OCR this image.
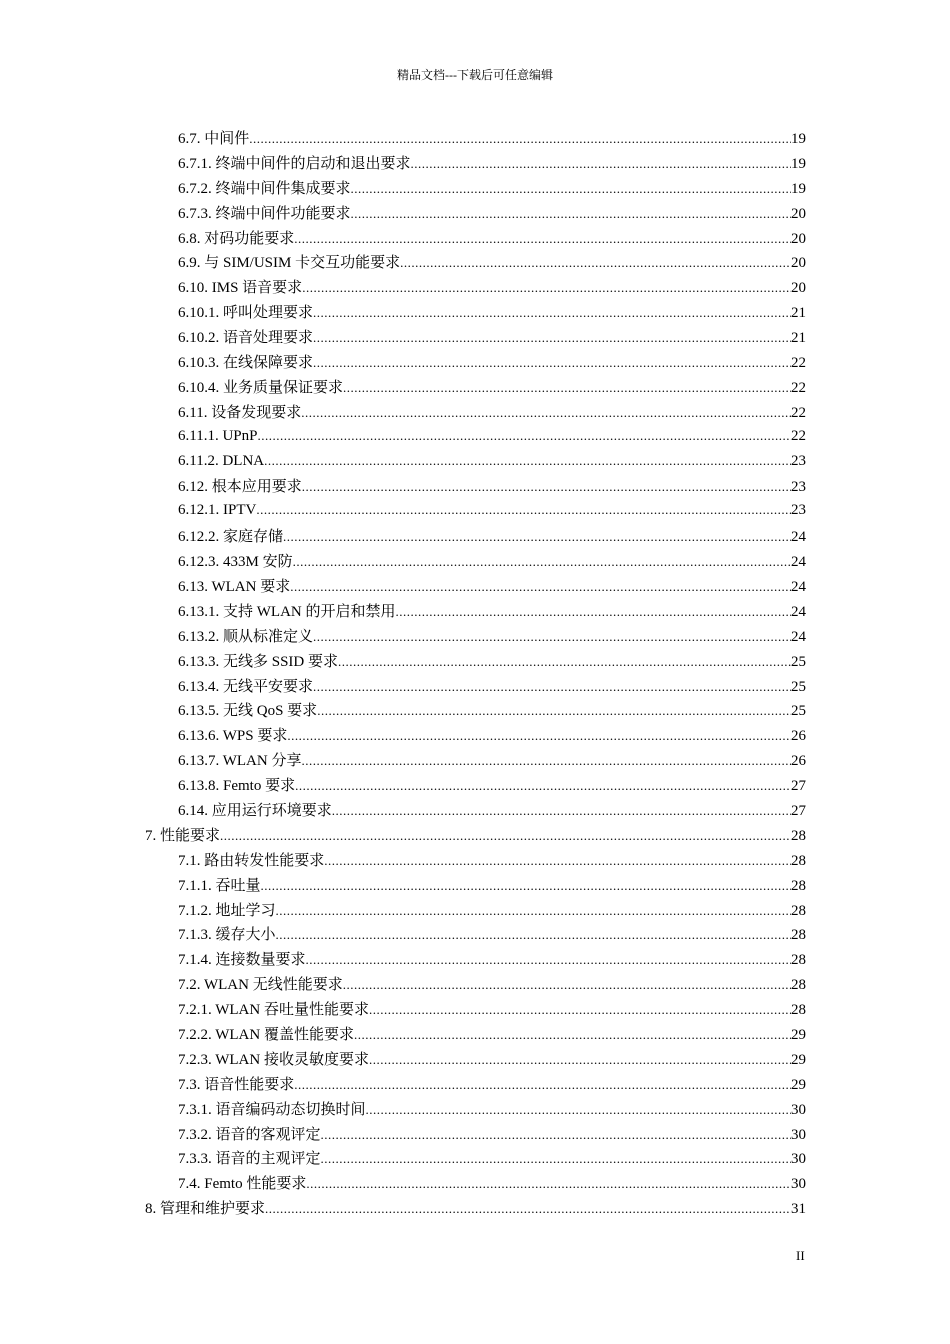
精品文档---下载后可任意编辑
6.7. 中间件 .....	19
6.7.1. 终端中间件的启动和退出要求 .....	19
6.7.2. 终端中间件集成要求 .....	19
6.7.3. 终端中间件功能要求 .....	20
6.8. 对码功能要求 .....	20
6.9. 与 SIM/USIM 卡交互功能要求 .....	20
6.10. IMS 语音要求 .....	20
6.10.1. 呼叫处理要求 .....	21
6.10.2. 语音处理要求 .....	21
6.10.3. 在线保障要求 .....	22
6.10.4. 业务质量保证要求 .....	22
6.11. 设备发现要求 .....	22
6.11.1. UPnP .....	22
6.11.2. DLNA .....	23
6.12. 根本应用要求 .....	23
6.12.1. IPTV .....	23
6.12.2. 家庭存储 .....	24
6.12.3. 433M 安防 .....	24
6.13. WLAN 要求 .....	24
6.13.1. 支持 WLAN 的开启和禁用 .....	24
6.13.2. 顺从标准定义 .....	24
6.13.3. 无线多 SSID 要求 .....	25
6.13.4. 无线平安要求 .....	25
6.13.5. 无线 QoS 要求 .....	25
6.13.6. WPS 要求 .....	26
6.13.7. WLAN 分享 .....	26
6.13.8. Femto 要求 .....	27
6.14. 应用运行环境要求 .....	27
7. 性能要求 .....	28
7.1. 路由转发性能要求 .....	28
7.1.1. 吞吐量 .....	28
7.1.2. 地址学习 .....	28
7.1.3. 缓存大小 .....	28
7.1.4. 连接数量要求 .....	28
7.2. WLAN 无线性能要求 .....	28
7.2.1. WLAN 吞吐量性能要求 .....	28
7.2.2. WLAN 覆盖性能要求 .....	29
7.2.3. WLAN 接收灵敏度要求 .....	29
7.3. 语音性能要求 .....	29
7.3.1. 语音编码动态切换时间 .....	30
7.3.2. 语音的客观评定 .....	30
7.3.3. 语音的主观评定 .....	30
7.4. Femto 性能要求 .....	30
8. 管理和维护要求 .....	31
II
